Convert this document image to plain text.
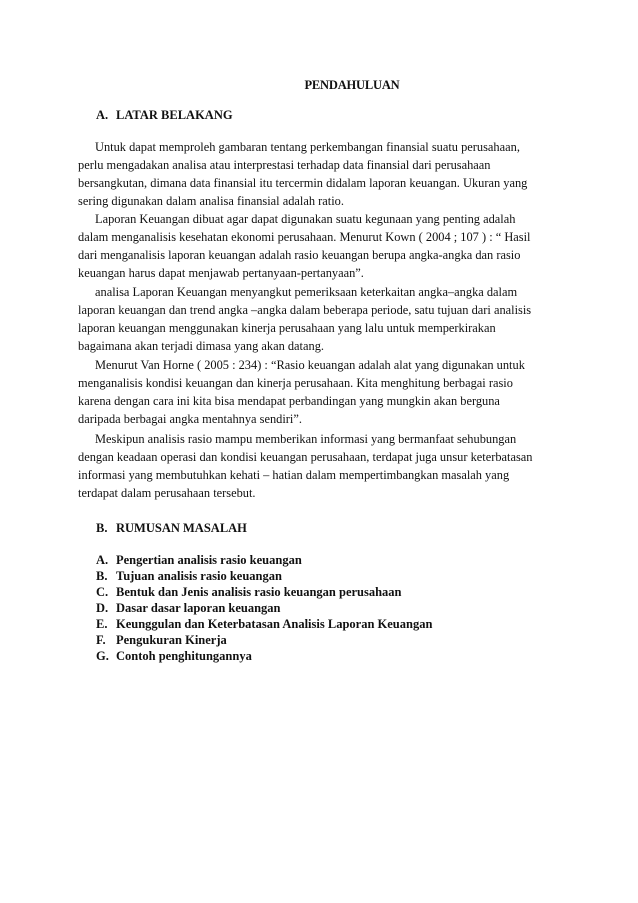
PENDAHULUAN
A. LATAR BELAKANG
Untuk dapat memproleh gambaran tentang perkembangan finansial suatu perusahaan,
perlu mengadakan analisa atau interprestasi terhadap data finansial dari perusahaan
bersangkutan, dimana data finansial itu tercermin didalam laporan keuangan. Ukuran yang
sering digunakan dalam analisa finansial adalah ratio.
Laporan Keuangan dibuat agar dapat digunakan suatu kegunaan yang penting adalah
dalam menganalisis kesehatan ekonomi perusahaan. Menurut Kown ( 2004 ; 107 ) : “ Hasil
dari menganalisis laporan keuangan adalah rasio keuangan berupa angka-angka dan rasio
keuangan harus dapat menjawab pertanyaan-pertanyaan”.
analisa Laporan Keuangan menyangkut pemeriksaan keterkaitan angka–angka dalam
laporan keuangan dan trend angka –angka dalam beberapa periode, satu tujuan dari analisis
laporan keuangan menggunakan kinerja perusahaan yang lalu untuk memperkirakan
bagaimana akan terjadi dimasa yang akan datang.
Menurut Van Horne ( 2005 : 234) : “Rasio keuangan adalah alat yang digunakan untuk
menganalisis kondisi keuangan dan kinerja perusahaan. Kita menghitung berbagai rasio
karena dengan cara ini kita bisa mendapat perbandingan yang mungkin akan berguna
daripada berbagai angka mentahnya sendiri”.
Meskipun analisis rasio mampu memberikan informasi yang bermanfaat sehubungan
dengan keadaan operasi dan kondisi keuangan perusahaan, terdapat juga unsur keterbatasan
informasi yang membutuhkan kehati – hatian dalam mempertimbangkan masalah yang
terdapat dalam perusahaan tersebut.
B. RUMUSAN MASALAH
A. Pengertian analisis rasio keuangan
B. Tujuan analisis rasio keuangan
C. Bentuk dan Jenis analisis rasio keuangan perusahaan
D. Dasar dasar laporan keuangan
E. Keunggulan dan Keterbatasan Analisis Laporan Keuangan
F. Pengukuran Kinerja
G. Contoh penghitungannya
